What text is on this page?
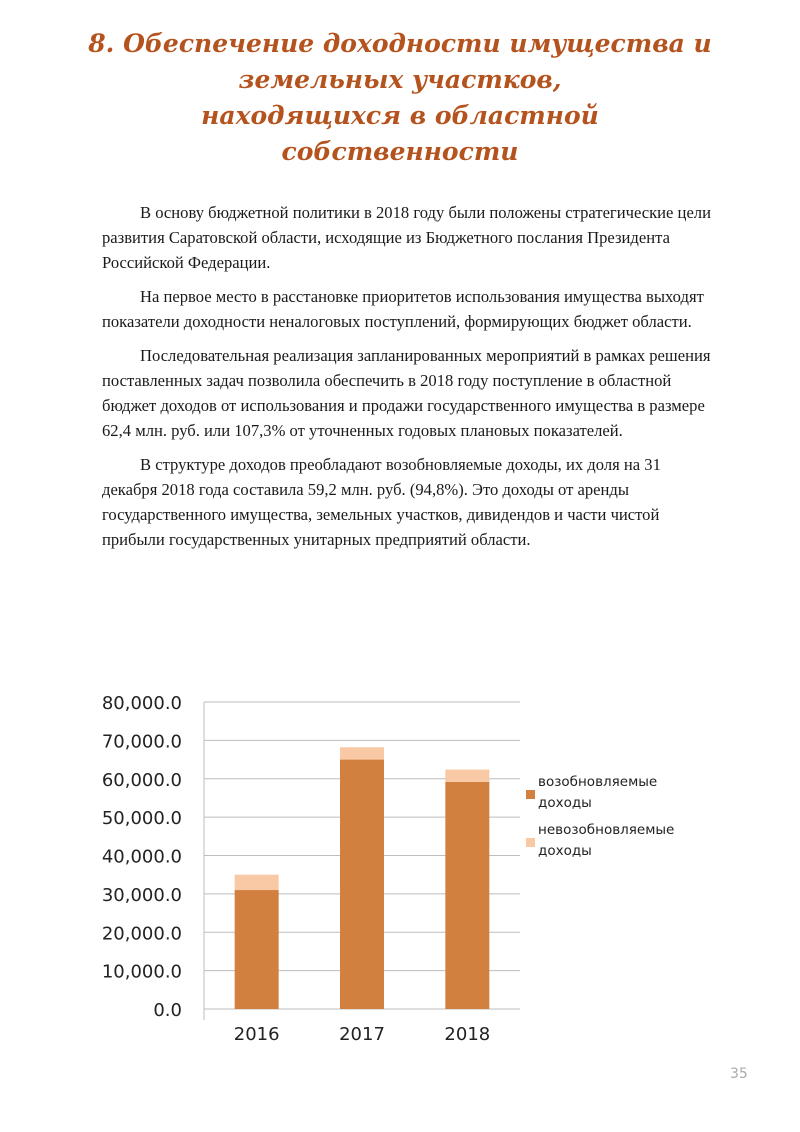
8. Обеспечение доходности имущества и
земельных участков,
находящихся в областной
собственности

В основу бюджетной политики в 2018 году были положены стратегические цели развития Саратовской области, исходящие из Бюджетного послания Президента Российской Федерации.

На первое место в расстановке приоритетов использования имущества выходят показатели доходности неналоговых поступлений, формирующих бюджет области.

Последовательная реализация запланированных мероприятий в рамках решения поставленных задач позволила обеспечить в 2018 году поступление в областной бюджет доходов от использования и продажи государственного имущества в размере 62,4 млн. руб. или 107,3% от уточненных годовых плановых показателей.

В структуре доходов преобладают возобновляемые доходы, их доля на 31 декабря 2018 года составила 59,2 млн. руб. (94,8%). Это доходы от аренды государственного имущества, земельных участков, дивидендов и части чистой прибыли государственных унитарных предприятий области.

0.0
10,000.0
20,000.0
30,000.0
40,000.0
50,000.0
60,000.0
70,000.0
80,000.0
2016	2017	2018
возобновляемые доходы
невозобновляемые доходы
35
